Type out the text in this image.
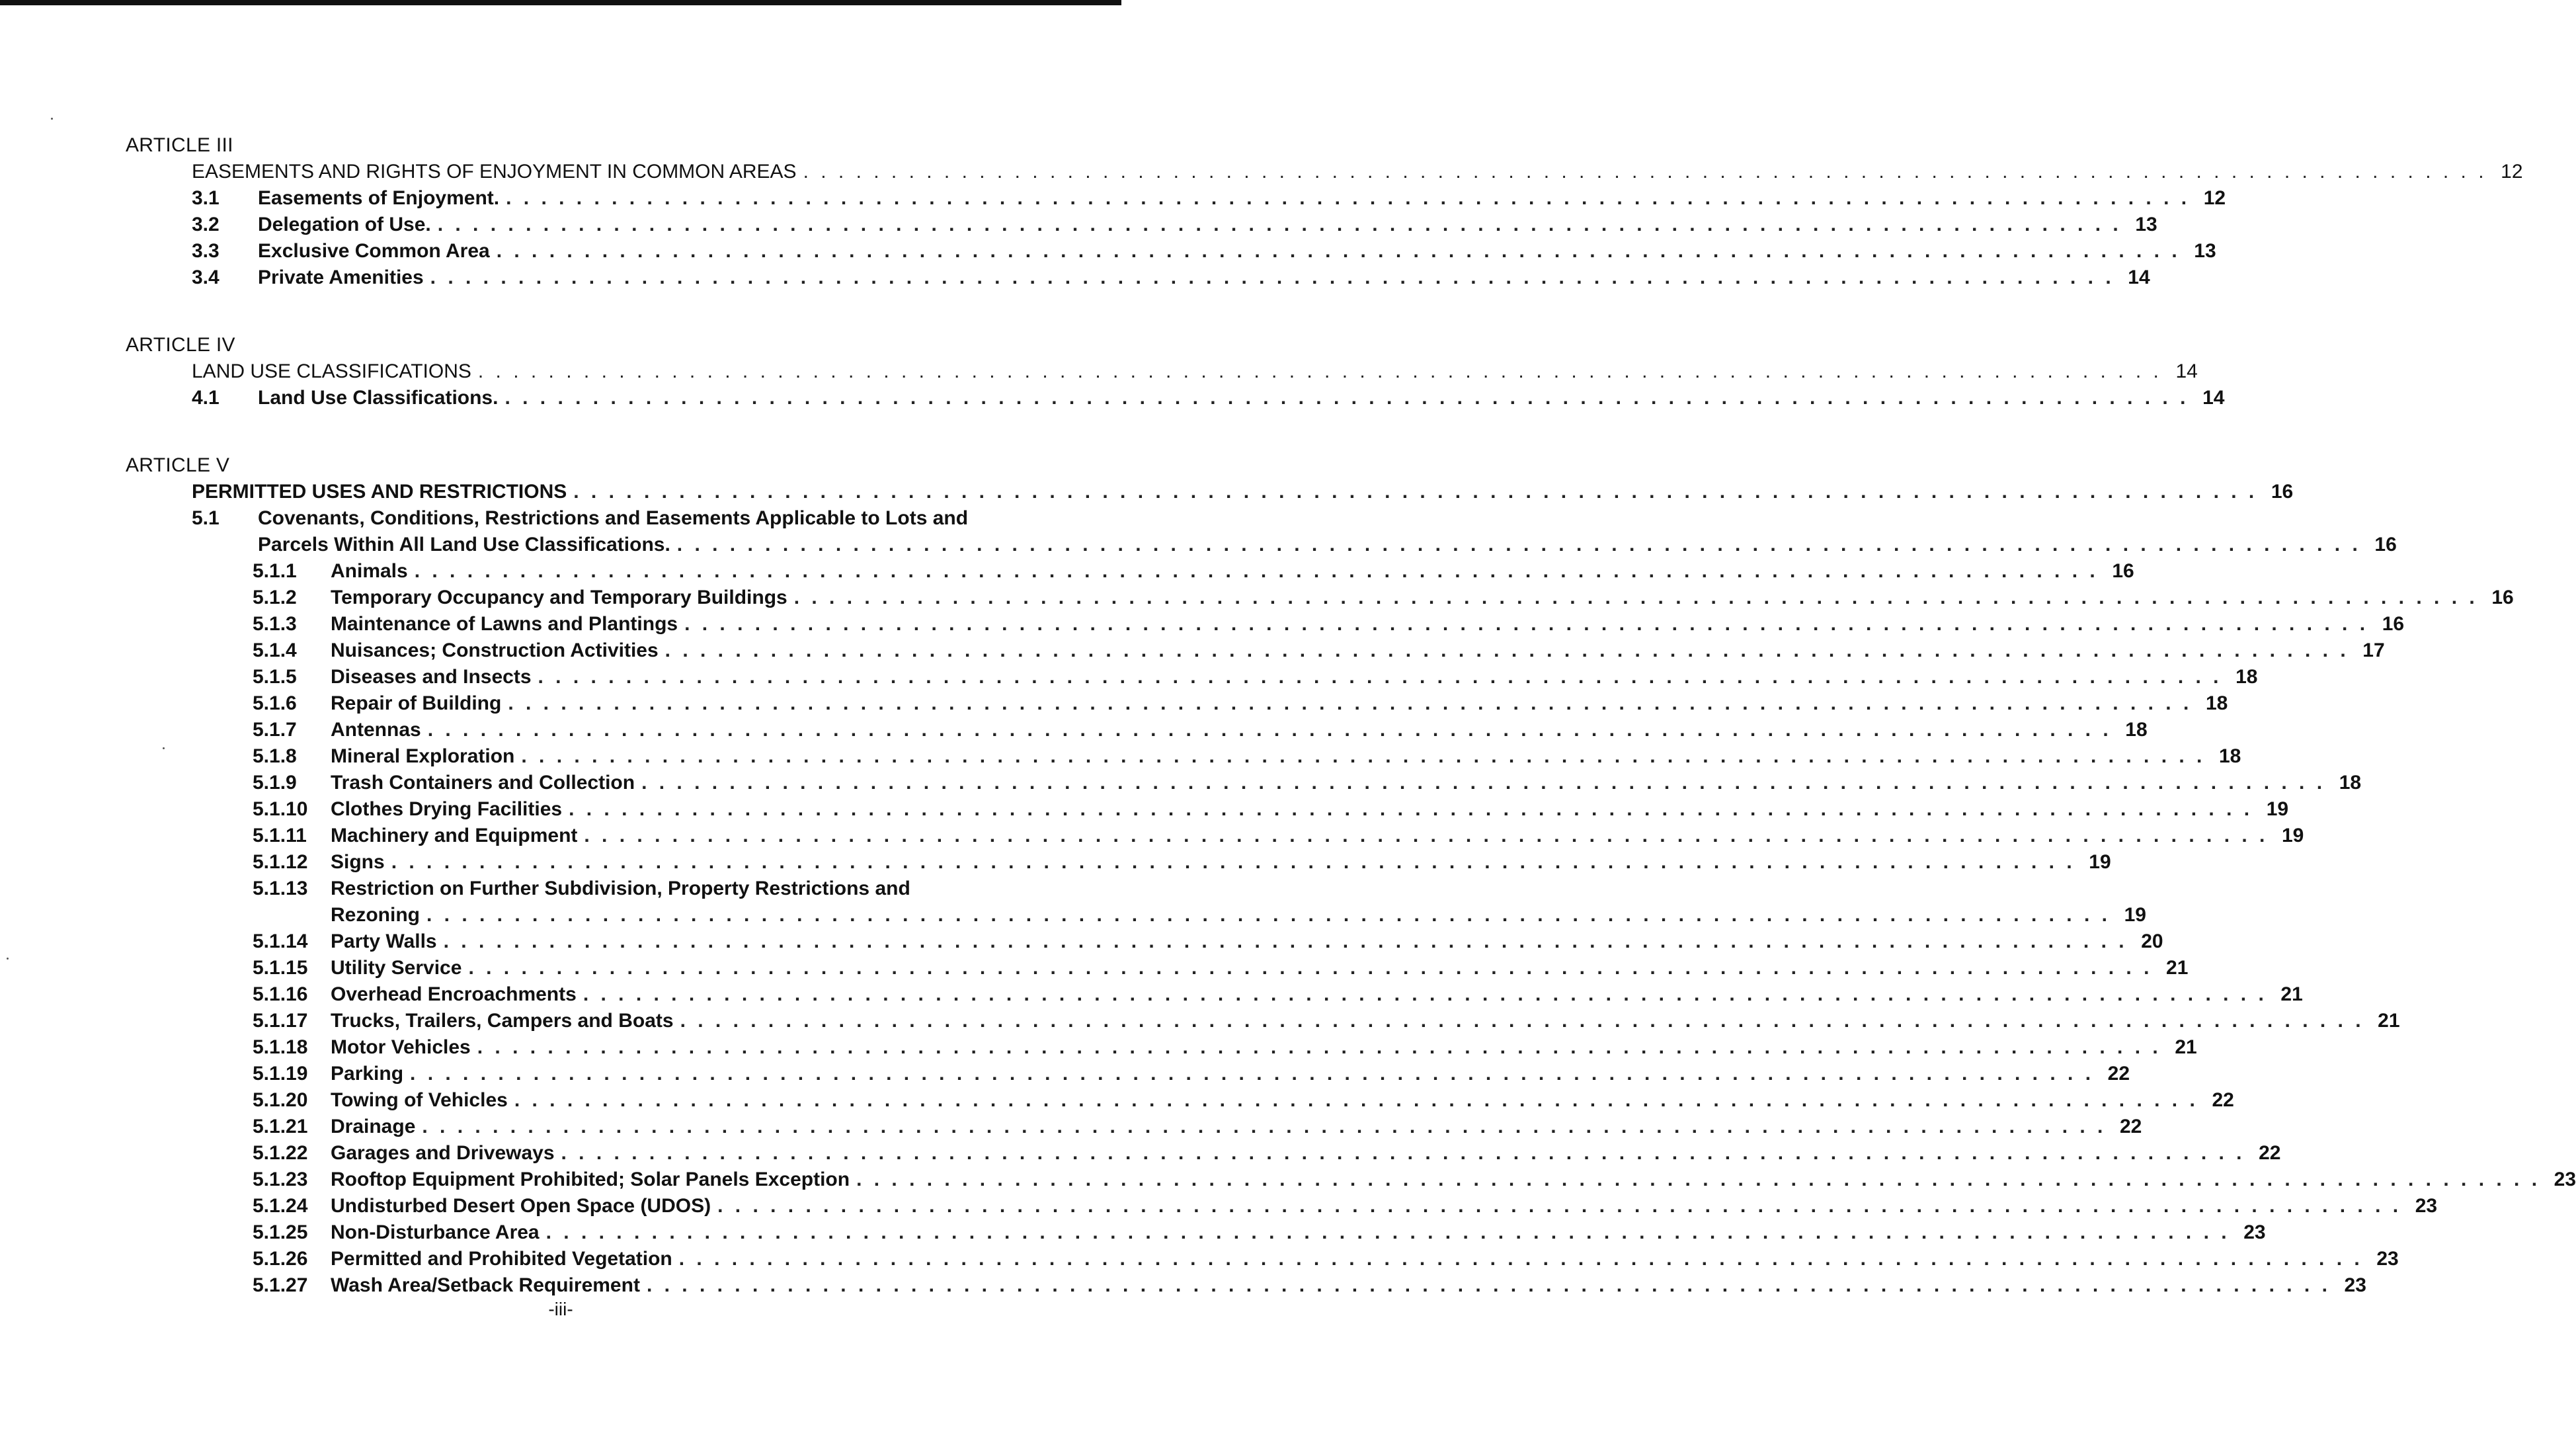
ARTICLE III
EASEMENTS AND RIGHTS OF ENJOYMENT IN COMMON AREAS . . . . . . . . . . . . . . . . . . . . . . . . . . . . . . . . . . . . . . . . . . . . . . . . . . . . . . . . . . . . . . . . . . . . . . . . . . . . . . . . . . . . . . . . . . . . . . . . 12
3.1	Easements of Enjoyment. . . . . . . . . . . . . . . . . . . . . . . . . . . . . . . . . . . . . . . . . . . . . . . . . . . . . . . . . . . . . . . . . . . . . . . . . . . . . . . . . . . . . . . . . . . . . . . . . 12
3.2	Delegation of Use. . . . . . . . . . . . . . . . . . . . . . . . . . . . . . . . . . . . . . . . . . . . . . . . . . . . . . . . . . . . . . . . . . . . . . . . . . . . . . . . . . . . . . . . . . . . . . . . . 13
3.3	Exclusive Common Area . . . . . . . . . . . . . . . . . . . . . . . . . . . . . . . . . . . . . . . . . . . . . . . . . . . . . . . . . . . . . . . . . . . . . . . . . . . . . . . . . . . . . . . . . . . . . . . . 13
3.4	Private Amenities . . . . . . . . . . . . . . . . . . . . . . . . . . . . . . . . . . . . . . . . . . . . . . . . . . . . . . . . . . . . . . . . . . . . . . . . . . . . . . . . . . . . . . . . . . . . . . . . 14
ARTICLE IV
LAND USE CLASSIFICATIONS . . . . . . . . . . . . . . . . . . . . . . . . . . . . . . . . . . . . . . . . . . . . . . . . . . . . . . . . . . . . . . . . . . . . . . . . . . . . . . . . . . . . . . . . . . . . . . . . 14
4.1	Land Use Classifications. . . . . . . . . . . . . . . . . . . . . . . . . . . . . . . . . . . . . . . . . . . . . . . . . . . . . . . . . . . . . . . . . . . . . . . . . . . . . . . . . . . . . . . . . . . . . . . . . 14
ARTICLE V
PERMITTED USES AND RESTRICTIONS . . . . . . . . . . . . . . . . . . . . . . . . . . . . . . . . . . . . . . . . . . . . . . . . . . . . . . . . . . . . . . . . . . . . . . . . . . . . . . . . . . . . . . . . . . . . . . . . 16
5.1 Covenants, Conditions, Restrictions and Easements Applicable to Lots and
Parcels Within All Land Use Classifications. . . . . . . . . . . . . . . . . . . . . . . . . . . . . . . . . . . . . . . . . . . . . . . . . . . . . . . . . . . . . . . . . . . . . . . . . . . . . . . . . . . . . . . . . . . . . . . . . 16
5.1.1	Animals . . . . . . . . . . . . . . . . . . . . . . . . . . . . . . . . . . . . . . . . . . . . . . . . . . . . . . . . . . . . . . . . . . . . . . . . . . . . . . . . . . . . . . . . . . . . . . . . 16
5.1.2	Temporary Occupancy and Temporary Buildings . . . . . . . . . . . . . . . . . . . . . . . . . . . . . . . . . . . . . . . . . . . . . . . . . . . . . . . . . . . . . . . . . . . . . . . . . . . . . . . . . . . . . . . . . . . . . . . . 16
5.1.3	Maintenance of Lawns and Plantings . . . . . . . . . . . . . . . . . . . . . . . . . . . . . . . . . . . . . . . . . . . . . . . . . . . . . . . . . . . . . . . . . . . . . . . . . . . . . . . . . . . . . . . . . . . . . . . . 16
5.1.4	Nuisances; Construction Activities . . . . . . . . . . . . . . . . . . . . . . . . . . . . . . . . . . . . . . . . . . . . . . . . . . . . . . . . . . . . . . . . . . . . . . . . . . . . . . . . . . . . . . . . . . . . . . . . 17
5.1.5	Diseases and Insects . . . . . . . . . . . . . . . . . . . . . . . . . . . . . . . . . . . . . . . . . . . . . . . . . . . . . . . . . . . . . . . . . . . . . . . . . . . . . . . . . . . . . . . . . . . . . . . . 18
5.1.6	Repair of Building . . . . . . . . . . . . . . . . . . . . . . . . . . . . . . . . . . . . . . . . . . . . . . . . . . . . . . . . . . . . . . . . . . . . . . . . . . . . . . . . . . . . . . . . . . . . . . . . 18
5.1.7	Antennas . . . . . . . . . . . . . . . . . . . . . . . . . . . . . . . . . . . . . . . . . . . . . . . . . . . . . . . . . . . . . . . . . . . . . . . . . . . . . . . . . . . . . . . . . . . . . . . . 18
5.1.8	Mineral Exploration . . . . . . . . . . . . . . . . . . . . . . . . . . . . . . . . . . . . . . . . . . . . . . . . . . . . . . . . . . . . . . . . . . . . . . . . . . . . . . . . . . . . . . . . . . . . . . . . 18
5.1.9	Trash Containers and Collection . . . . . . . . . . . . . . . . . . . . . . . . . . . . . . . . . . . . . . . . . . . . . . . . . . . . . . . . . . . . . . . . . . . . . . . . . . . . . . . . . . . . . . . . . . . . . . . . 18
5.1.10	Clothes Drying Facilities . . . . . . . . . . . . . . . . . . . . . . . . . . . . . . . . . . . . . . . . . . . . . . . . . . . . . . . . . . . . . . . . . . . . . . . . . . . . . . . . . . . . . . . . . . . . . . . . 19
5.1.11	Machinery and Equipment . . . . . . . . . . . . . . . . . . . . . . . . . . . . . . . . . . . . . . . . . . . . . . . . . . . . . . . . . . . . . . . . . . . . . . . . . . . . . . . . . . . . . . . . . . . . . . . . 19
5.1.12	Signs . . . . . . . . . . . . . . . . . . . . . . . . . . . . . . . . . . . . . . . . . . . . . . . . . . . . . . . . . . . . . . . . . . . . . . . . . . . . . . . . . . . . . . . . . . . . . . . . 19
5.1.13 Restriction on Further Subdivision, Property Restrictions and
Rezoning . . . . . . . . . . . . . . . . . . . . . . . . . . . . . . . . . . . . . . . . . . . . . . . . . . . . . . . . . . . . . . . . . . . . . . . . . . . . . . . . . . . . . . . . . . . . . . . . 19
5.1.14	Party Walls . . . . . . . . . . . . . . . . . . . . . . . . . . . . . . . . . . . . . . . . . . . . . . . . . . . . . . . . . . . . . . . . . . . . . . . . . . . . . . . . . . . . . . . . . . . . . . . . 20
5.1.15	Utility Service . . . . . . . . . . . . . . . . . . . . . . . . . . . . . . . . . . . . . . . . . . . . . . . . . . . . . . . . . . . . . . . . . . . . . . . . . . . . . . . . . . . . . . . . . . . . . . . . 21
5.1.16	Overhead Encroachments . . . . . . . . . . . . . . . . . . . . . . . . . . . . . . . . . . . . . . . . . . . . . . . . . . . . . . . . . . . . . . . . . . . . . . . . . . . . . . . . . . . . . . . . . . . . . . . . 21
5.1.17	Trucks, Trailers, Campers and Boats . . . . . . . . . . . . . . . . . . . . . . . . . . . . . . . . . . . . . . . . . . . . . . . . . . . . . . . . . . . . . . . . . . . . . . . . . . . . . . . . . . . . . . . . . . . . . . . . 21
5.1.18	Motor Vehicles . . . . . . . . . . . . . . . . . . . . . . . . . . . . . . . . . . . . . . . . . . . . . . . . . . . . . . . . . . . . . . . . . . . . . . . . . . . . . . . . . . . . . . . . . . . . . . . . 21
5.1.19	Parking . . . . . . . . . . . . . . . . . . . . . . . . . . . . . . . . . . . . . . . . . . . . . . . . . . . . . . . . . . . . . . . . . . . . . . . . . . . . . . . . . . . . . . . . . . . . . . . . 22
5.1.20	Towing of Vehicles . . . . . . . . . . . . . . . . . . . . . . . . . . . . . . . . . . . . . . . . . . . . . . . . . . . . . . . . . . . . . . . . . . . . . . . . . . . . . . . . . . . . . . . . . . . . . . . . 22
5.1.21	Drainage . . . . . . . . . . . . . . . . . . . . . . . . . . . . . . . . . . . . . . . . . . . . . . . . . . . . . . . . . . . . . . . . . . . . . . . . . . . . . . . . . . . . . . . . . . . . . . . . 22
5.1.22	Garages and Driveways . . . . . . . . . . . . . . . . . . . . . . . . . . . . . . . . . . . . . . . . . . . . . . . . . . . . . . . . . . . . . . . . . . . . . . . . . . . . . . . . . . . . . . . . . . . . . . . . 22
5.1.23	Rooftop Equipment Prohibited; Solar Panels Exception . . . . . . . . . . . . . . . . . . . . . . . . . . . . . . . . . . . . . . . . . . . . . . . . . . . . . . . . . . . . . . . . . . . . . . . . . . . . . . . . . . . . . . . . . . . . . . . . 23
5.1.24	Undisturbed Desert Open Space (UDOS) . . . . . . . . . . . . . . . . . . . . . . . . . . . . . . . . . . . . . . . . . . . . . . . . . . . . . . . . . . . . . . . . . . . . . . . . . . . . . . . . . . . . . . . . . . . . . . . . 23
5.1.25	Non-Disturbance Area . . . . . . . . . . . . . . . . . . . . . . . . . . . . . . . . . . . . . . . . . . . . . . . . . . . . . . . . . . . . . . . . . . . . . . . . . . . . . . . . . . . . . . . . . . . . . . . . 23
5.1.26	Permitted and Prohibited Vegetation . . . . . . . . . . . . . . . . . . . . . . . . . . . . . . . . . . . . . . . . . . . . . . . . . . . . . . . . . . . . . . . . . . . . . . . . . . . . . . . . . . . . . . . . . . . . . . . . 23
5.1.27	Wash Area/Setback Requirement . . . . . . . . . . . . . . . . . . . . . . . . . . . . . . . . . . . . . . . . . . . . . . . . . . . . . . . . . . . . . . . . . . . . . . . . . . . . . . . . . . . . . . . . . . . . . . . . 23
-iii-
